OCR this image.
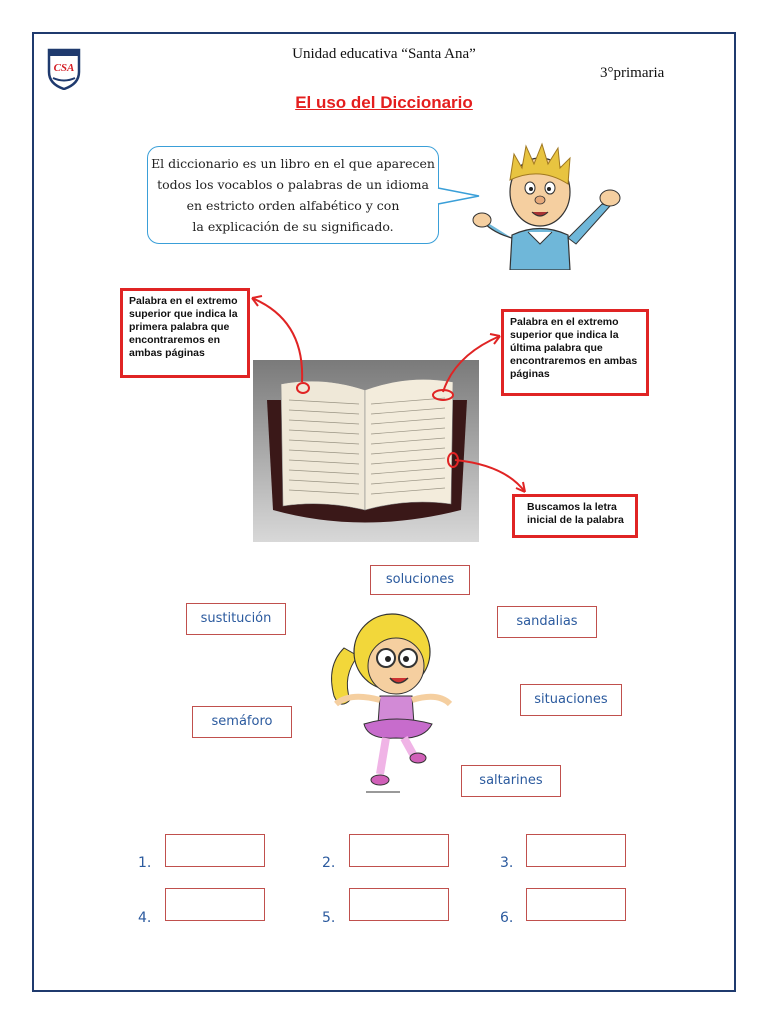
CSA
Unidad educativa “Santa Ana”
3°primaria
El uso del Diccionario
El diccionario es un libro en el que aparecen
todos los vocablos o palabras de un idioma
en estricto orden alfabético y con
la explicación de su significado.
Palabra en el extremo superior que indica la primera palabra que encontraremos en ambas páginas
Palabra en el extremo superior que indica la última palabra que encontraremos en ambas páginas
Buscamos la letra inicial de la palabra
soluciones
sustitución	sandalias
situaciones
semáforo
saltarines
1.	2.	3.
4.	5.	6.
